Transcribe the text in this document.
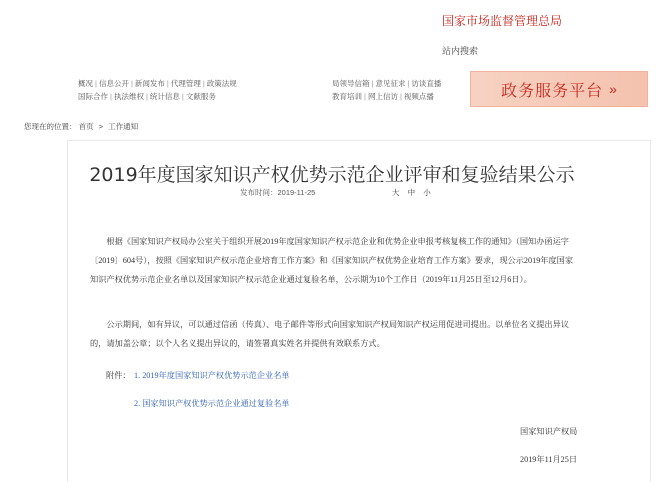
国家市场监督管理总局
站内搜索
概况 | 信息公开 | 新闻发布 | 代理管理 | 政策法规
国际合作 | 执法维权 | 统计信息 | 文献服务
局领导信箱 | 意见征求 | 访谈直播
教育培训 | 网上信访 | 视频点播	政务服务平台 »
您现在的位置： 首页 > 工作通知
2019年度国家知识产权优势示范企业评审和复验结果公示
发布时间：2019-11-25	大 中 小

根据《国家知识产权局办公室关于组织开展2019年度国家知识产权示范企业和优势企业申报考核复核工作的通知》（国知办函运字〔2019〕604号），按照《国家知识产权示范企业培育工作方案》和《国家知识产权优势企业培育工作方案》要求，现公示2019年度国家知识产权优势示范企业名单以及国家知识产权示范企业通过复验名单，公示期为10个工作日（2019年11月25日至12月6日）。

公示期间，如有异议，可以通过信函（传真）、电子邮件等形式向国家知识产权局知识产权运用促进司提出。以单位名义提出异议的，请加盖公章；以个人名义提出异议的，请签署真实姓名并提供有效联系方式。

附件： 1. 2019年度国家知识产权优势示范企业名单
2. 国家知识产权优势示范企业通过复验名单
国家知识产权局
2019年11月25日
